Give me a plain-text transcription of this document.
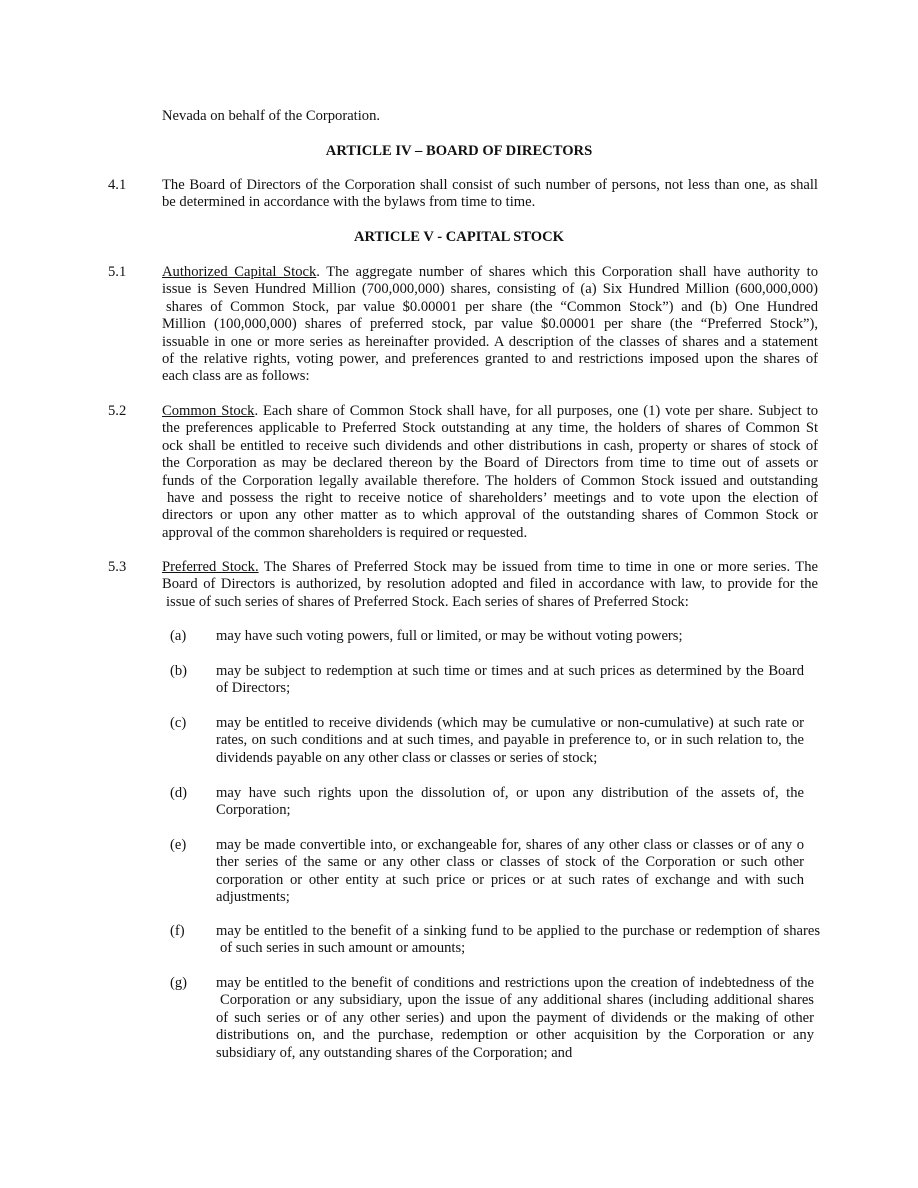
Nevada on behalf of the Corporation.
ARTICLE IV – BOARD OF DIRECTORS
4.1 The Board of Directors of the Corporation shall consist of such number of persons, not less than one, as shall
be determined in accordance with the bylaws from time to time.
ARTICLE V - CAPITAL STOCK
5.1 Authorized Capital Stock. The aggregate number of shares which this Corporation shall have authority to
issue is Seven Hundred Million (700,000,000) shares, consisting of (a) Six Hundred Million (600,000,000)
shares of Common Stock, par value $0.00001 per share (the “Common Stock”) and (b) One Hundred
Million (100,000,000) shares of preferred stock, par value $0.00001 per share (the “Preferred Stock”),
issuable in one or more series as hereinafter provided. A description of the classes of shares and a statement
of the relative rights, voting power, and preferences granted to and restrictions imposed upon the shares of
each class are as follows:
5.2 Common Stock. Each share of Common Stock shall have, for all purposes, one (1) vote per share. Subject to
the preferences applicable to Preferred Stock outstanding at any time, the holders of shares of Common St
ock shall be entitled to receive such dividends and other distributions in cash, property or shares of stock of
the Corporation as may be declared thereon by the Board of Directors from time to time out of assets or
funds of the Corporation legally available therefore. The holders of Common Stock issued and outstanding
have and possess the right to receive notice of shareholders’ meetings and to vote upon the election of
directors or upon any other matter as to which approval of the outstanding shares of Common Stock or
approval of the common shareholders is required or requested.
5.3 Preferred Stock. The Shares of Preferred Stock may be issued from time to time in one or more series. The
Board of Directors is authorized, by resolution adopted and filed in accordance with law, to provide for the
issue of such series of shares of Preferred Stock. Each series of shares of Preferred Stock:
(a) may have such voting powers, full or limited, or may be without voting powers;
(b) may be subject to redemption at such time or times and at such prices as determined by the Board
of Directors;
(c) may be entitled to receive dividends (which may be cumulative or non-cumulative) at such rate or
rates, on such conditions and at such times, and payable in preference to, or in such relation to, the
dividends payable on any other class or classes or series of stock;
(d) may have such rights upon the dissolution of, or upon any distribution of the assets of, the
Corporation;
(e) may be made convertible into, or exchangeable for, shares of any other class or classes or of any o
ther series of the same or any other class or classes of stock of the Corporation or such other
corporation or other entity at such price or prices or at such rates of exchange and with such
adjustments;
(f) may be entitled to the benefit of a sinking fund to be applied to the purchase or redemption of shares
of such series in such amount or amounts;
(g) may be entitled to the benefit of conditions and restrictions upon the creation of indebtedness of the
Corporation or any subsidiary, upon the issue of any additional shares (including additional shares
of such series or of any other series) and upon the payment of dividends or the making of other
distributions on, and the purchase, redemption or other acquisition by the Corporation or any
subsidiary of, any outstanding shares of the Corporation; and
